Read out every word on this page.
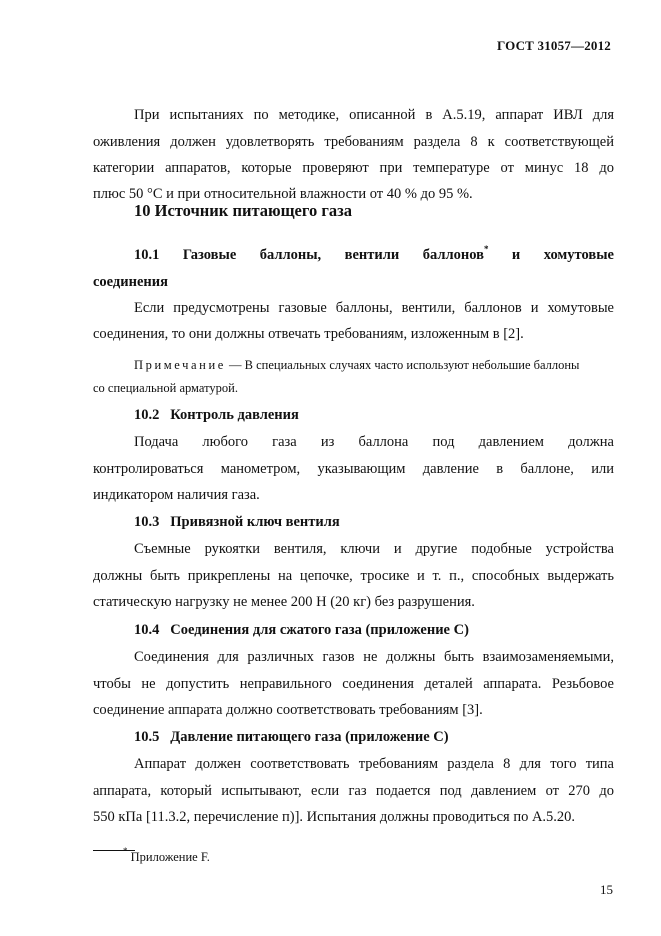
ГОСТ 31057—2012
При испытаниях по методике, описанной в А.5.19, аппарат ИВЛ для
оживления должен удовлетворять требованиям раздела 8 к соответствующей
категории аппаратов, которые проверяют при температуре от минус 18 до
плюс 50 °С и при относительной влажности от 40 % до 95 %.
10 Источник питающего газа
10.1 Газовые баллоны, вентили баллонов* и хомутовые
соединения
Если предусмотрены газовые баллоны, вентили, баллонов и хомутовые
соединения, то они должны отвечать требованиям, изложенным в [2].
Примечание — В специальных случаях часто используют небольшие баллоны
со специальной арматурой.
10.2   Контроль давления
Подача любого газа из баллона под давлением должна
контролироваться манометром, указывающим давление в баллоне, или
индикатором наличия газа.
10.3   Привязной ключ вентиля
Съемные рукоятки вентиля, ключи и другие подобные устройства
должны быть прикреплены на цепочке, тросике и т. п., способных выдержать
статическую нагрузку не менее 200 Н (20 кг) без разрушения.
10.4   Соединения для сжатого газа (приложение С)
Соединения для различных газов не должны быть взаимозаменяемыми,
чтобы не допустить неправильного соединения деталей аппарата. Резьбовое
соединение аппарата должно соответствовать требованиям [3].
10.5   Давление питающего газа (приложение С)
Аппарат должен соответствовать требованиям раздела 8 для того типа
аппарата, который испытывают, если газ подается под давлением от 270 до
550 кПа [11.3.2, перечисление п)]. Испытания должны проводиться по А.5.20.
* Приложение F.
15
